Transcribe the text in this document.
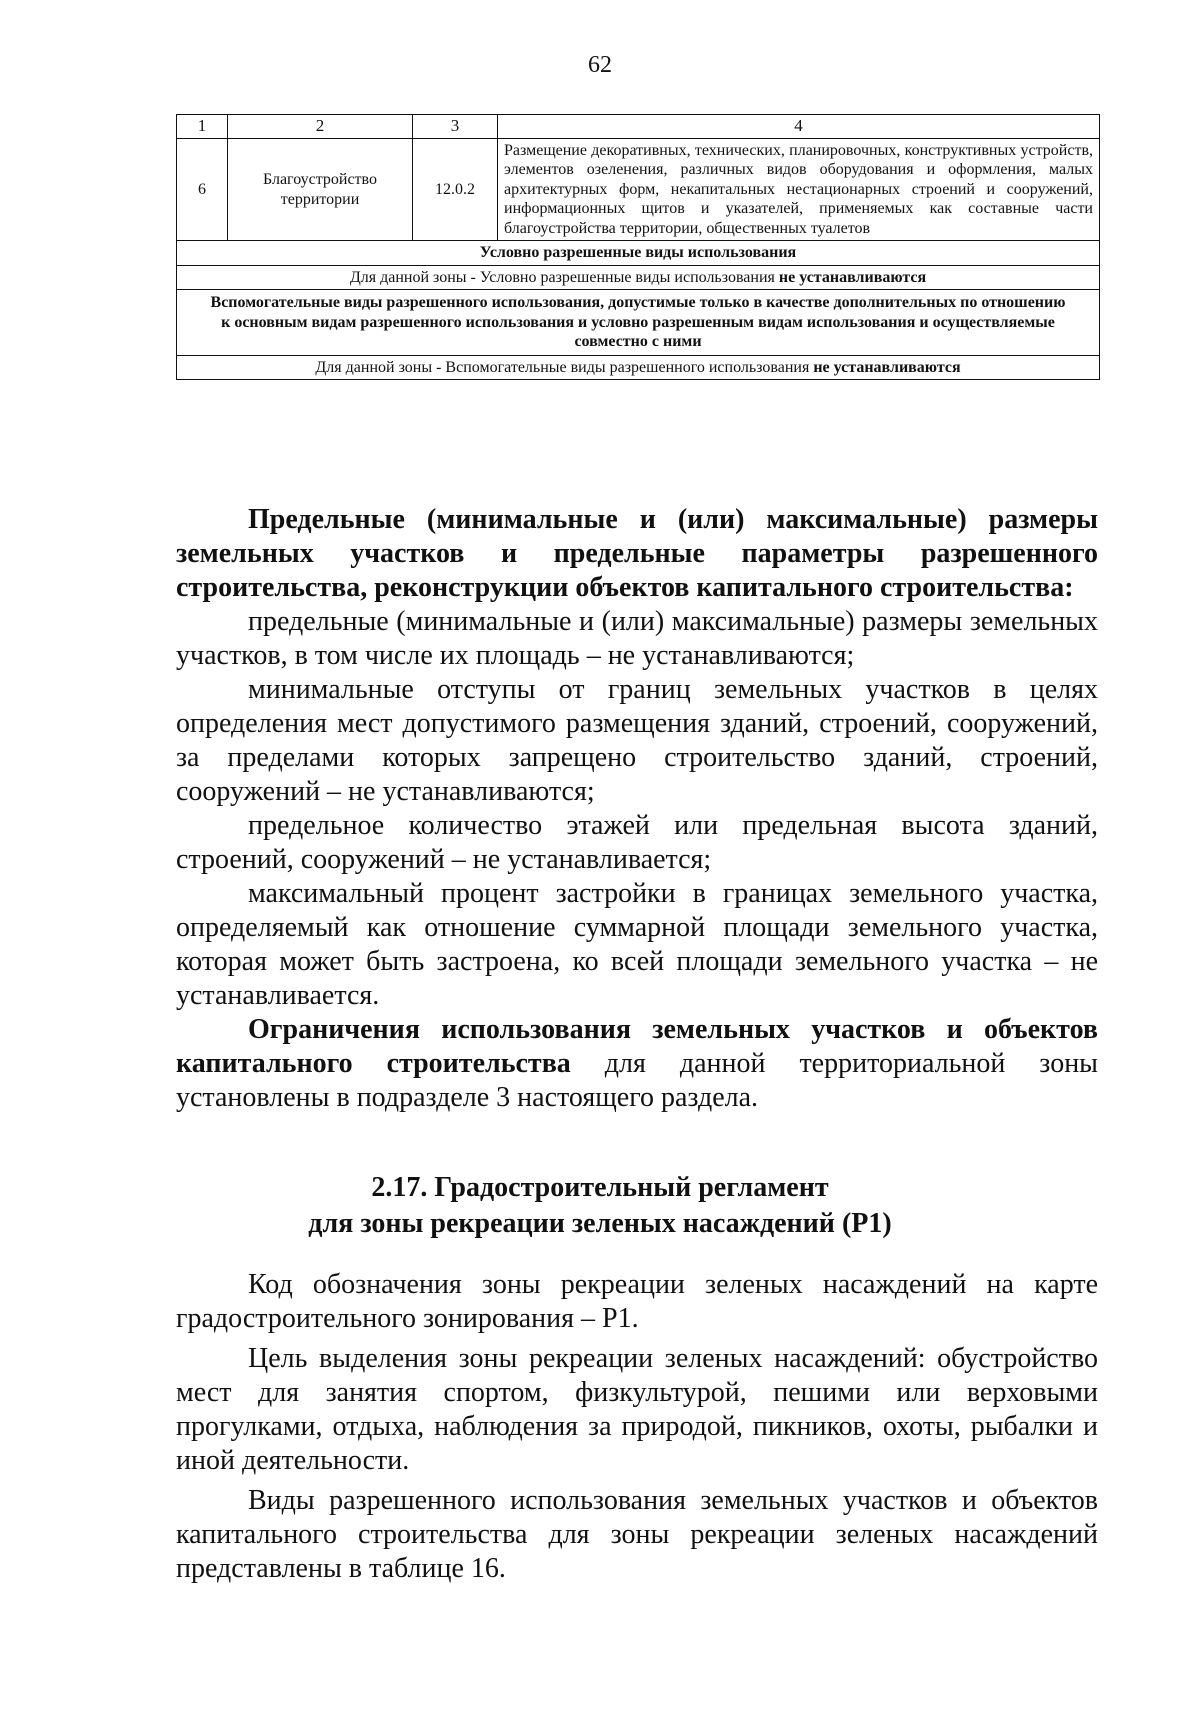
62
1	2	3	4
6	Благоустройство территории	12.0.2	Размещение декоративных, технических, планировочных, конструктивных устройств, элементов озеленения, различных видов оборудования и оформления, малых архитектурных форм, некапитальных нестационарных строений и сооружений, информационных щитов и указателей, применяемых как составные части благоустройства территории, общественных туалетов
Условно разрешенные виды использования			
Для данной зоны - Условно разрешенные виды использования не устанавливаются			
Вспомогательные виды разрешенного использования, допустимые только в качестве дополнительных по отношению к основным видам разрешенного использования и условно разрешенным видам использования и осуществляемые совместно с ними			
Для данной зоны - Вспомогательные виды разрешенного использования не устанавливаются			

Предельные (минимальные и (или) максимальные) размеры земельных участков и предельные параметры разрешенного строительства, реконструкции объектов капитального строительства:

предельные (минимальные и (или) максимальные) размеры земельных участков, в том числе их площадь – не устанавливаются;

минимальные отступы от границ земельных участков в целях определения мест допустимого размещения зданий, строений, сооружений, за пределами которых запрещено строительство зданий, строений, сооружений – не устанавливаются;

предельное количество этажей или предельная высота зданий, строений, сооружений – не устанавливается;

максимальный процент застройки в границах земельного участка, определяемый как отношение суммарной площади земельного участка, которая может быть застроена, ко всей площади земельного участка – не устанавливается.

Ограничения использования земельных участков и объектов капитального строительства для данной территориальной зоны установлены в подразделе 3 настоящего раздела.

2.17. Градостроительный регламент
для зоны рекреации зеленых насаждений (Р1)

Код обозначения зоны рекреации зеленых насаждений на карте градостроительного зонирования – Р1.

Цель выделения зоны рекреации зеленых насаждений: обустройство мест для занятия спортом, физкультурой, пешими или верховыми прогулками, отдыха, наблюдения за природой, пикников, охоты, рыбалки и иной деятельности.

Виды разрешенного использования земельных участков и объектов капитального строительства для зоны рекреации зеленых насаждений представлены в таблице 16.
